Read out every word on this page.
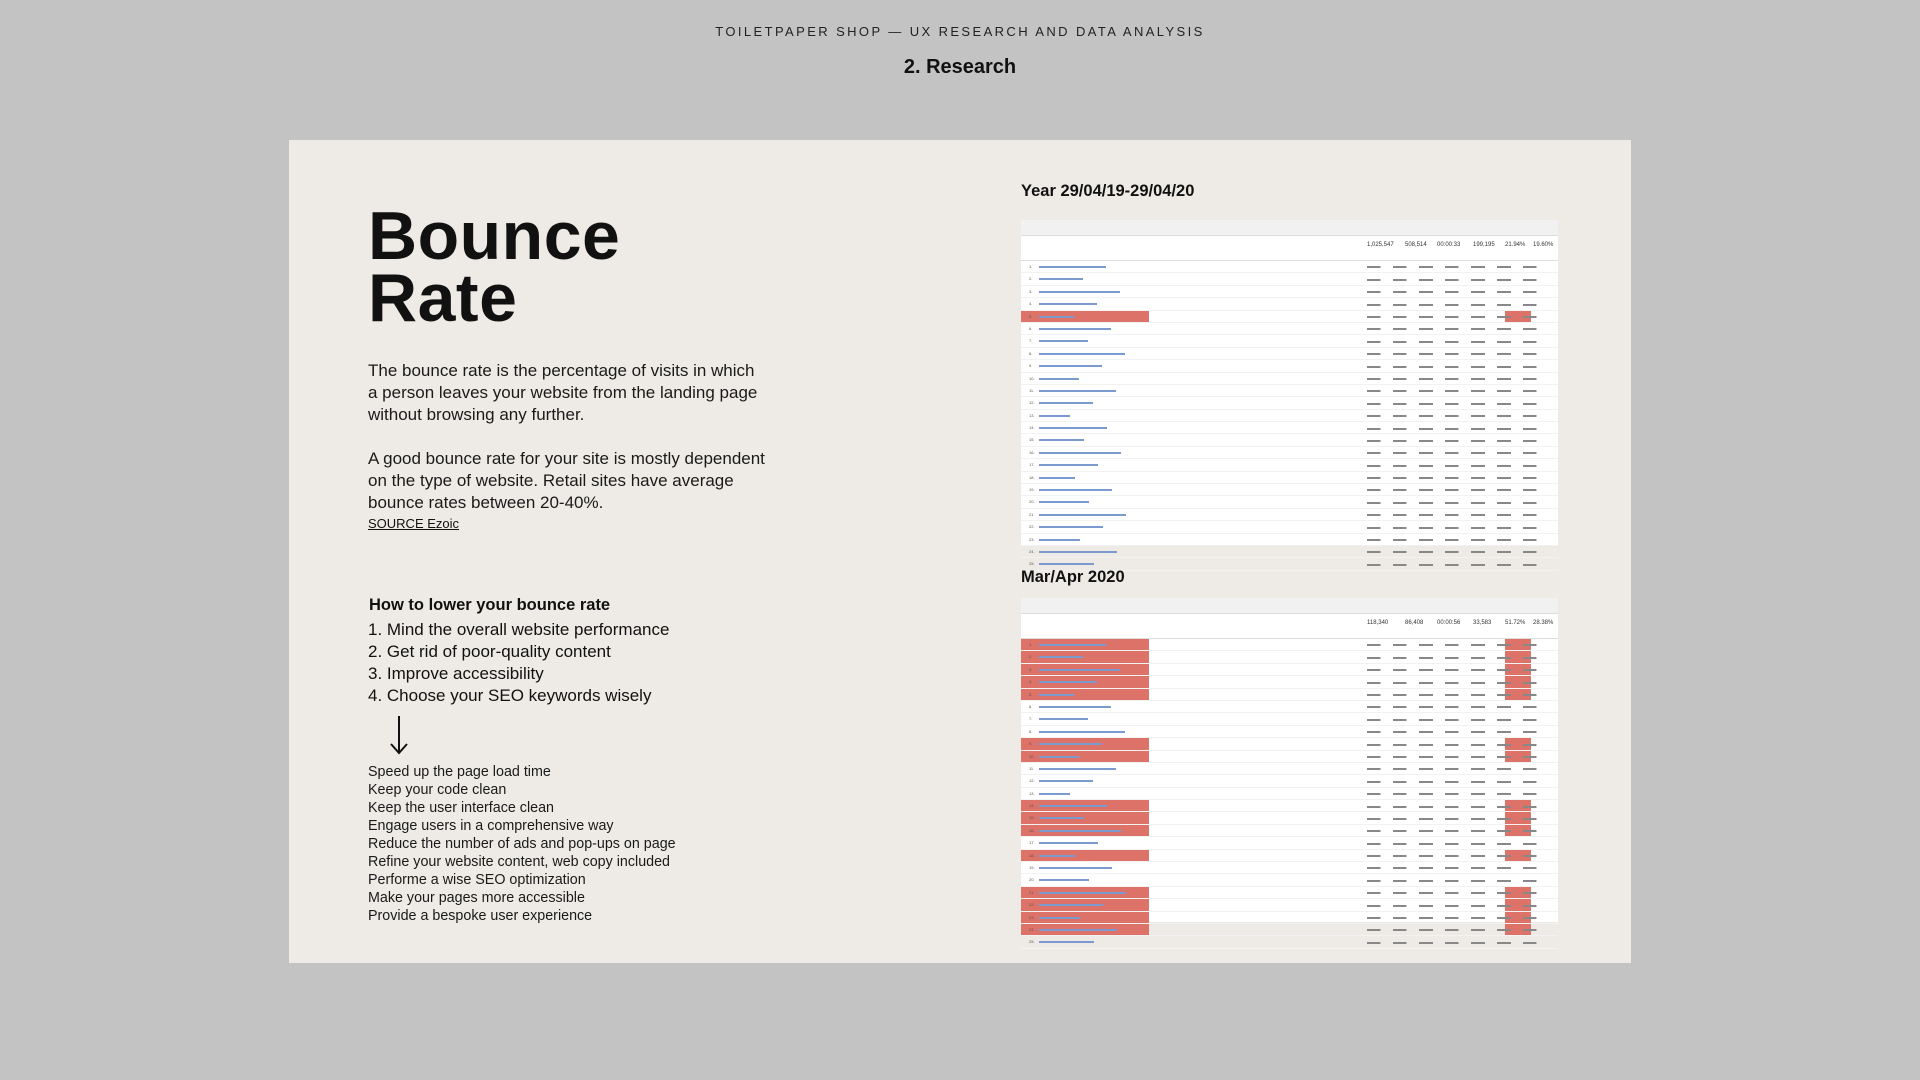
TOILETPAPER SHOP — UX RESEARCH AND DATA ANALYSIS
2. Research
Bounce
Rate

The bounce rate is the percentage of visits in which a person leaves your website from the landing page without browsing any further.

A good bounce rate for your site is mostly dependent on the type of website. Retail sites have average bounce rates between 20-40%.

SOURCE Ezoic
How to lower your bounce rate
1. Mind the overall website performance
2. Get rid of poor-quality content
3. Improve accessibility
4. Choose your SEO keywords wisely
Speed up the page load time
Keep your code clean
Keep the user interface clean
Engage users in a comprehensive way
Reduce the number of ads and pop-ups on page
Refine your website content, web copy included
Performe a wise SEO optimization
Make your pages more accessible
Provide a bespoke user experience
Year 29/04/19-29/04/20
1,025,547 508,514 00:00:33 199,195 21.94% 19.60%
1.
2.
3.
4.
5.
6.
7.
8.
9.
10.
11.
12.
13.
14.
15.
16.
17.
18.
19.
20.
21.
22.
23.
24.
25.
Mar/Apr 2020
118,340	86,408 00:00:56 33,583 51.72% 28.38%
1.
2.
3.
4.
5.
6.
7.
8.
9.
10.
11.
12.
13.
14.
15.
16.
17.
18.
19.
20.
21.
22.
23.
24.
25.
